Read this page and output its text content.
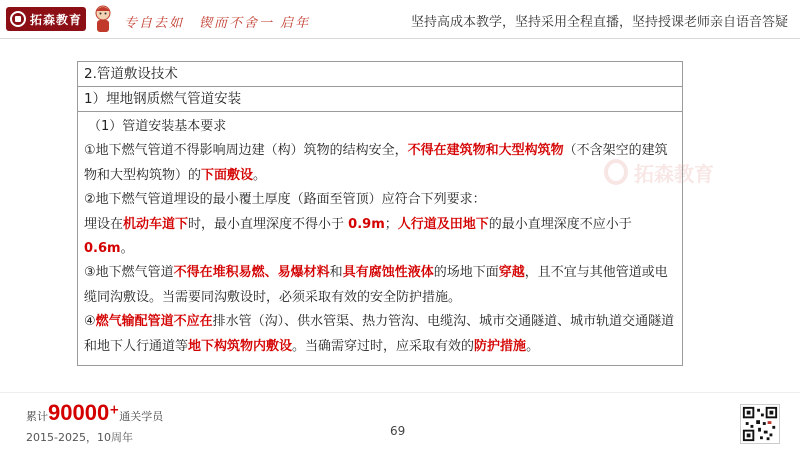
拓森教育	专自去如　锲而不舍一 启年	坚持高成本教学，坚持采用全程直播，坚持授课老师亲自语音答疑
拓森教育
2.管道敷设技术
1）埋地钢质燃气管道安装

（1）管道安装基本要求

①地下燃气管道不得影响周边建（构）筑物的结构安全，不得在建筑物和大型构筑物（不含架空的建筑物和大型构筑物）的下面敷设。

②地下燃气管道埋设的最小覆土厚度（路面至管顶）应符合下列要求：

埋设在机动车道下时，最小直埋深度不得小于 0.9m；人行道及田地下的最小直埋深度不应小于 0.6m。

③地下燃气管道不得在堆积易燃、易爆材料和具有腐蚀性液体的场地下面穿越，且不宜与其他管道或电缆同沟敷设。当需要同沟敷设时，必须采取有效的安全防护措施。

④燃气输配管道不应在排水管（沟）、供水管渠、热力管沟、电缆沟、城市交通隧道、城市轨道交通隧道和地下人行通道等地下构筑物内敷设。当确需穿过时，应采取有效的防护措施。

累计90000+通关学员
2015-2025，10周年	69
